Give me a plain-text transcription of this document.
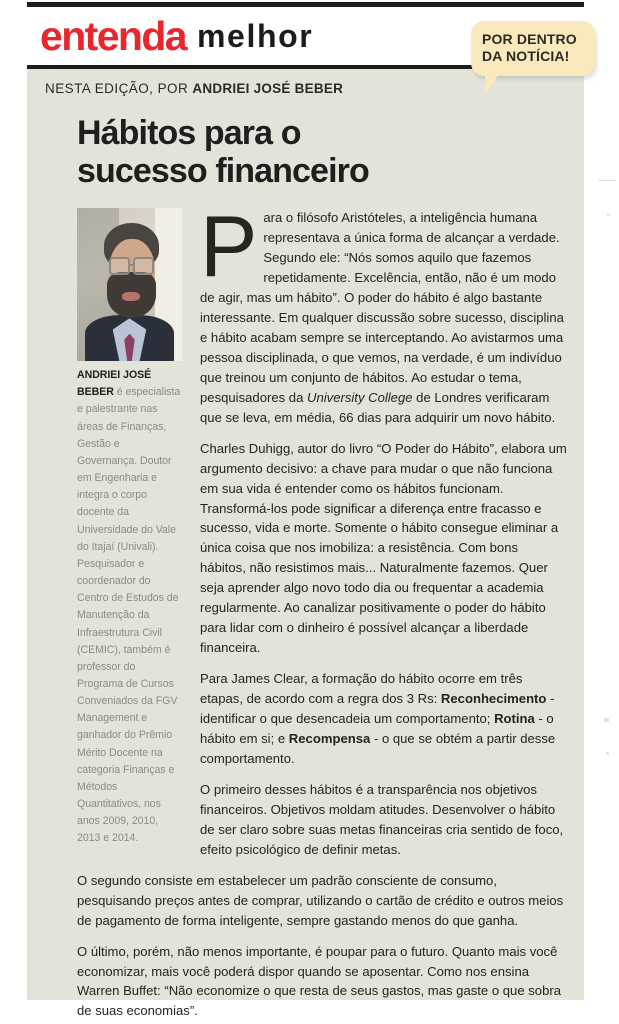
entenda melhor	POR DENTRO
DA NOTÍCIA!
NESTA EDIÇÃO, POR ANDRIEI JOSÉ BEBER
Hábitos para o
sucesso financeiro
ANDRIEI JOSÉ BEBER é especialista e palestrante nas áreas de Finanças, Gestão e Governança. Doutor em Engenharia e integra o corpo docente da Universidade do Vale do Itajaí (Univali). Pesquisador e coordenador do Centro de Estudos de Manutenção da Infraestrutura Civil (CEMIC), também é professor do Programa de Cursos Conveniados da FGV Management e ganhador do Prêmio Mérito Docente na categoria Finanças e Métodos Quantitativos, nos anos 2009, 2010, 2013 e 2014.

Para o filósofo Aristóteles, a inteligência humana representava a única forma de alcançar a verdade. Segundo ele: “Nós somos aquilo que fazemos repetidamente. Excelência, então, não é um modo de agir, mas um hábito”. O poder do hábito é algo bastante interessante. Em qualquer discussão sobre sucesso, disciplina e hábito acabam sempre se interceptando. Ao avistarmos uma pessoa disciplinada, o que vemos, na verdade, é um indivíduo que treinou um conjunto de hábitos. Ao estudar o tema, pesquisadores da University College de Londres verificaram que se leva, em média, 66 dias para adquirir um novo hábito.

Charles Duhigg, autor do livro “O Poder do Hábito”, elabora um argumento decisivo: a chave para mudar o que não funciona em sua vida é entender como os hábitos funcionam. Transformá-los pode significar a diferença entre fracasso e sucesso, vida e morte. Somente o hábito consegue eliminar a única coisa que nos imobiliza: a resistência. Com bons hábitos, não resistimos mais... Naturalmente fazemos. Quer seja aprender algo novo todo dia ou frequentar a academia regularmente. Ao canalizar positivamente o poder do hábito para lidar com o dinheiro é possível alcançar a liberdade financeira.

Para James Clear, a formação do hábito ocorre em três etapas, de acordo com a regra dos 3 Rs: Reconhecimento - identificar o que desencadeia um comportamento; Rotina - o hábito em si; e Recompensa - o que se obtém a partir desse comportamento.

O primeiro desses hábitos é a transparência nos objetivos financeiros. Objetivos moldam atitudes. Desenvolver o hábito de ser claro sobre suas metas financeiras cria sentido de foco, efeito psicológico de definir metas.

O segundo consiste em estabelecer um padrão consciente de consumo, pesquisando preços antes de comprar, utilizando o cartão de crédito e outros meios de pagamento de forma inteligente, sempre gastando menos do que ganha.

O último, porém, não menos importante, é poupar para o futuro. Quanto mais você economizar, mais você poderá dispor quando se aposentar. Como nos ensina Warren Buffet: “Não economize o que resta de seus gastos, mas gaste o que sobra de suas economias”.
